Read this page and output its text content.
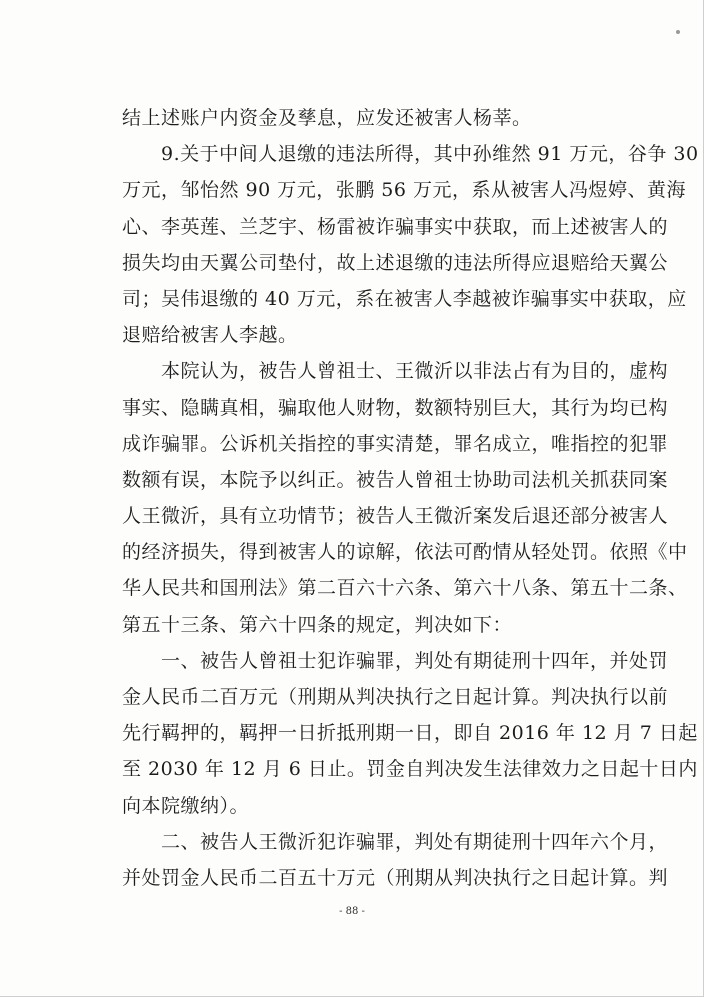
结上述账户内资金及孳息，应发还被害人杨莘。
　　9.关于中间人退缴的违法所得，其中孙维然 91 万元，谷争 30
万元，邹怡然 90 万元，张鹏 56 万元，系从被害人冯煜婷、黄海
心、李英莲、兰芝宇、杨雷被诈骗事实中获取，而上述被害人的
损失均由天翼公司垫付，故上述退缴的违法所得应退赔给天翼公
司；吴伟退缴的 40 万元，系在被害人李越被诈骗事实中获取，应
退赔给被害人李越。
　　本院认为，被告人曾祖士、王微沂以非法占有为目的，虚构
事实、隐瞒真相，骗取他人财物，数额特别巨大，其行为均已构
成诈骗罪。公诉机关指控的事实清楚，罪名成立，唯指控的犯罪
数额有误，本院予以纠正。被告人曾祖士协助司法机关抓获同案
人王微沂，具有立功情节；被告人王微沂案发后退还部分被害人
的经济损失，得到被害人的谅解，依法可酌情从轻处罚。依照《中
华人民共和国刑法》第二百六十六条、第六十八条、第五十二条、
第五十三条、第六十四条的规定，判决如下：
　　一、被告人曾祖士犯诈骗罪，判处有期徒刑十四年，并处罚
金人民币二百万元（刑期从判决执行之日起计算。判决执行以前
先行羁押的，羁押一日折抵刑期一日，即自 2016 年 12 月 7 日起
至 2030 年 12 月 6 日止。罚金自判决发生法律效力之日起十日内
向本院缴纳）。
　　二、被告人王微沂犯诈骗罪，判处有期徒刑十四年六个月，
并处罚金人民币二百五十万元（刑期从判决执行之日起计算。判
- 88 -
